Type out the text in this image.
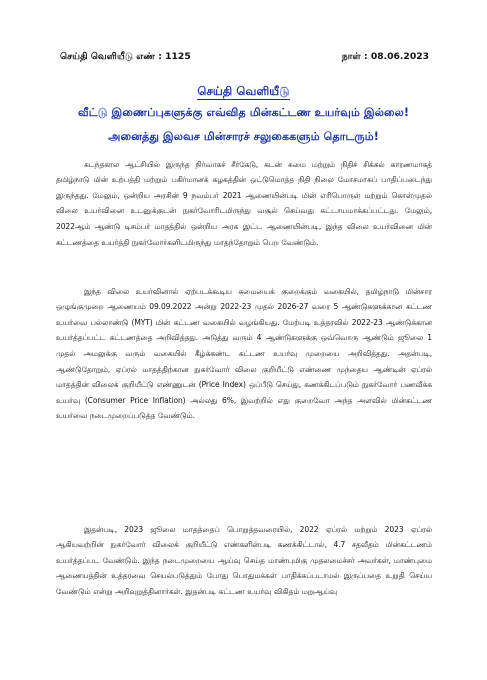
செய்தி வெளியீடு எண் : 1125	நாள் : 08.06.2023
செய்தி வெளியீடு
வீட்டு இணைப்புகளுக்கு எவ்வித மின்கட்டண உயர்வும் இல்லை!
அனைத்து இலவச மின்சாரச் சலுகைகளும் தொடரும்!

கடந்தகால ஆட்சியில் இருந்த நிர்வாகச் சீர்கேடு, கடன் சுமை மற்றும் நிதிச் சிக்கல் காரணமாகத் தமிழ்நாடு மின் உற்பத்தி மற்றும் பகிர்மானக் கழகத்தின் ஒட்டுமொத்த நிதி நிலை மோசமாகப் பாதிப்படைந்து இருந்தது. மேலும், ஒன்றிய அரசின் 9 நவம்பர் 2021 ஆணையின்படி மின் எரிபொருள் மற்றும் கொள்முதல் விலை உயர்வினை உடனுக்குடன் நுகர்வோரிடமிருந்து வசூல் செய்வது கட்டாயமாக்கப்பட்டது. மேலும், 2022ஆம் ஆண்டு டிசம்பர் மாதத்தில் ஒன்றிய அரசு இட்ட ஆணையின்படி, இந்த விலை உயர்வினை மின் கட்டணத்தை உயர்த்தி நுகர்வோர்களிடமிருந்து மாதந்தோறும் பெற வேண்டும்.

இந்த விலை உயர்வினால் ஏற்படக்கூடிய சுமையைக் குறைக்கும் வகையில், தமிழ்நாடு மின்சார ஒழுங்குமுறை ஆணையம் 09.09.2022 அன்று 2022-23 முதல் 2026-27 வரை 5 ஆண்டுகளுக்கான கட்டண உயர்வை பல்லாண்டு (MYT) மின் கட்டண வகையில் வழங்கியது. மேற்படி உத்தரவில் 2022-23 ஆண்டுக்கான உயர்த்தப்பட்ட கட்டணத்தை அறிவித்தது. அடுத்து வரும் 4 ஆண்டுகளுக்கு ஒவ்வொரு ஆண்டும் ஜூலை 1 முதல் அமலுக்கு வரும் வகையில் கீழ்க்கண்ட கட்டண உயர்வு முறையை அறிவித்தது. அதன்படி, ஆண்டுதோறும், ஏப்ரல் மாதத்திற்கான நுகர்வோர் விலை குறியீட்டு எண்ணை முந்தைய ஆண்டின் ஏப்ரல் மாதத்தின் விலைக் குறியீட்டு எண்ணுடன் (Price Index) ஒப்பீடு செய்து, கணக்கிடப்படும் நுகர்வோர் பணவீக்க உயர்வு (Consumer Price Inflation) அல்லது 6%, இவற்றில் எது குறைவோ அந்த அளவில் மின்கட்டண உயர்வை நடைமுறைப்படுத்த வேண்டும்.

இதன்படி, 2023 ஜூலை மாதத்தைப் பொறுத்தவரையில், 2022 ஏப்ரல் மற்றும் 2023 ஏப்ரல் ஆகியவற்றின் நுகர்வோர் விலைக் குறியீட்டு எண்களின்படி கணக்கிட்டால், 4.7 சதவீதம் மின்கட்டணம் உயர்த்தப்பட வேண்டும். இந்த நடைமுறையை ஆய்வு செய்த மாண்புமிகு முதலமைச்சர் அவர்கள், மாண்புமை ஆணையத்தின் உத்தரவை செயல்படுத்தும் போது பொதுமக்கள் பாதிக்கப்படாமல் இருப்பதை உறுதி செய்ய வேண்டும் என்று அறிவுறுத்தினார்கள். இதன்படி கட்டண உயர்வு விகிதம் மறுஆய்வு
